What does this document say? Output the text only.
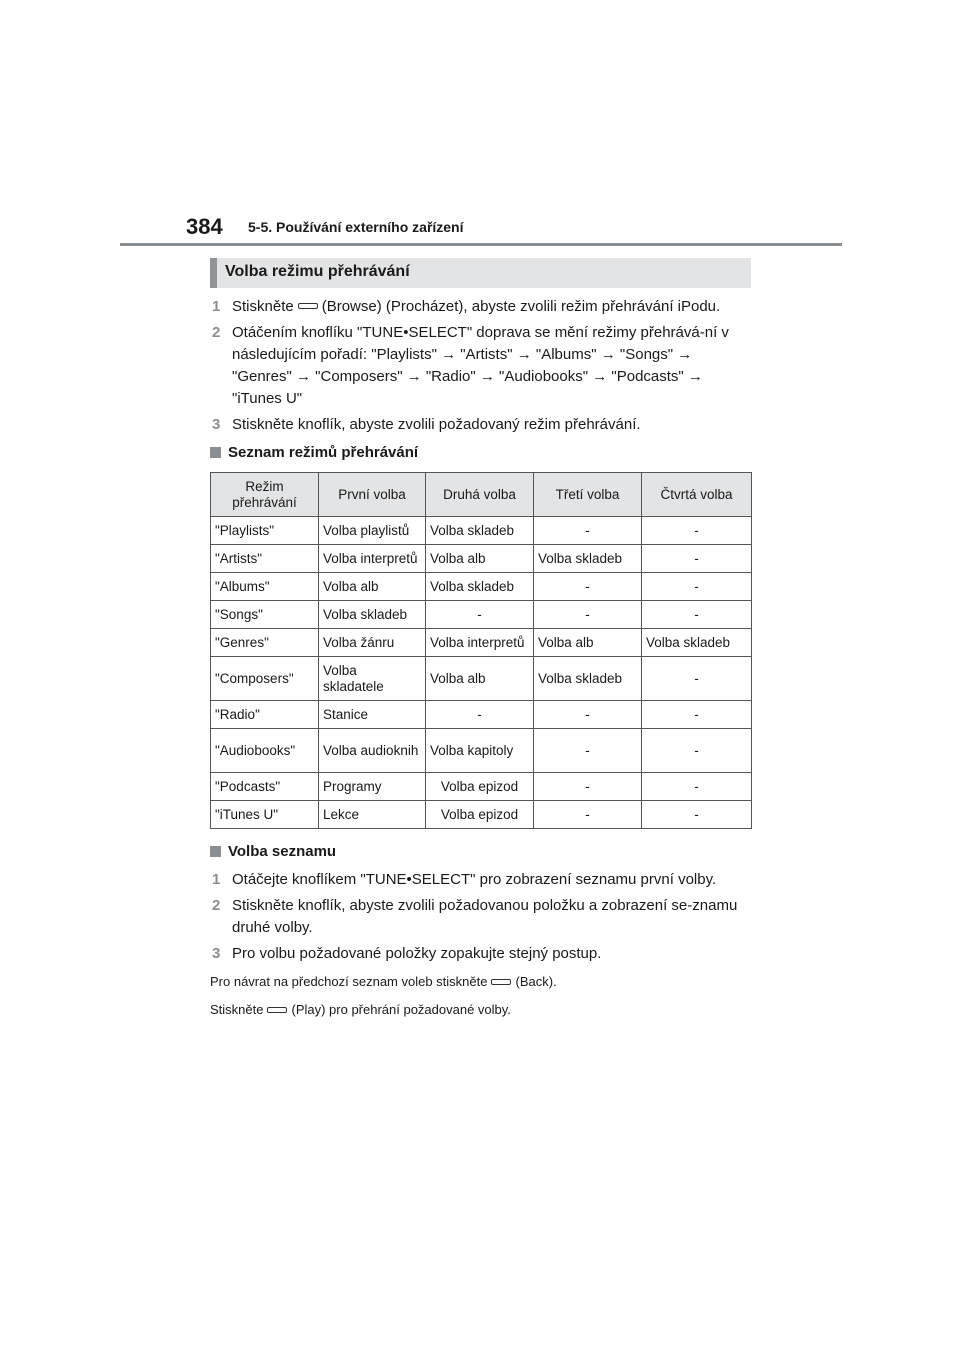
384 5-5. Používání externího zařízení
Volba režimu přehrávání
1 Stiskněte (Browse) (Procházet), abyste zvolili režim přehrávání iPodu.
2 Otáčením knoflíku "TUNE•SELECT" doprava se mění režimy přehrává-ní v následujícím pořadí: "Playlists" → "Artists" → "Albums" → "Songs" → "Genres" → "Composers" → "Radio" → "Audiobooks" → "Podcasts" → "iTunes U"
3 Stiskněte knoflík, abyste zvolili požadovaný režim přehrávání.
Seznam režimů přehrávání
Režim přehrávání	První volba	Druhá volba	Třetí volba	Čtvrtá volba
"Playlists"	Volba playlistů	Volba skladeb	-	-
"Artists"	Volba interpretů	Volba alb	Volba skladeb	-
"Albums"	Volba alb	Volba skladeb	-	-
"Songs"	Volba skladeb	-	-	-
"Genres"	Volba žánru	Volba interpretů	Volba alb	Volba skladeb
"Composers"	Volba skladatele	Volba alb	Volba skladeb	-
"Radio"	Stanice	-	-	-
"Audiobooks"	Volba audioknih	Volba kapitoly	-	-
"Podcasts"	Programy	Volba epizod	-	-
"iTunes U"	Lekce	Volba epizod	-	-
Volba seznamu
1 Otáčejte knoflíkem "TUNE•SELECT" pro zobrazení seznamu první volby.
2 Stiskněte knoflík, abyste zvolili požadovanou položku a zobrazení se-znamu druhé volby.
3 Pro volbu požadované položky zopakujte stejný postup.
Pro návrat na předchozí seznam voleb stiskněte (Back).
Stiskněte (Play) pro přehrání požadované volby.
